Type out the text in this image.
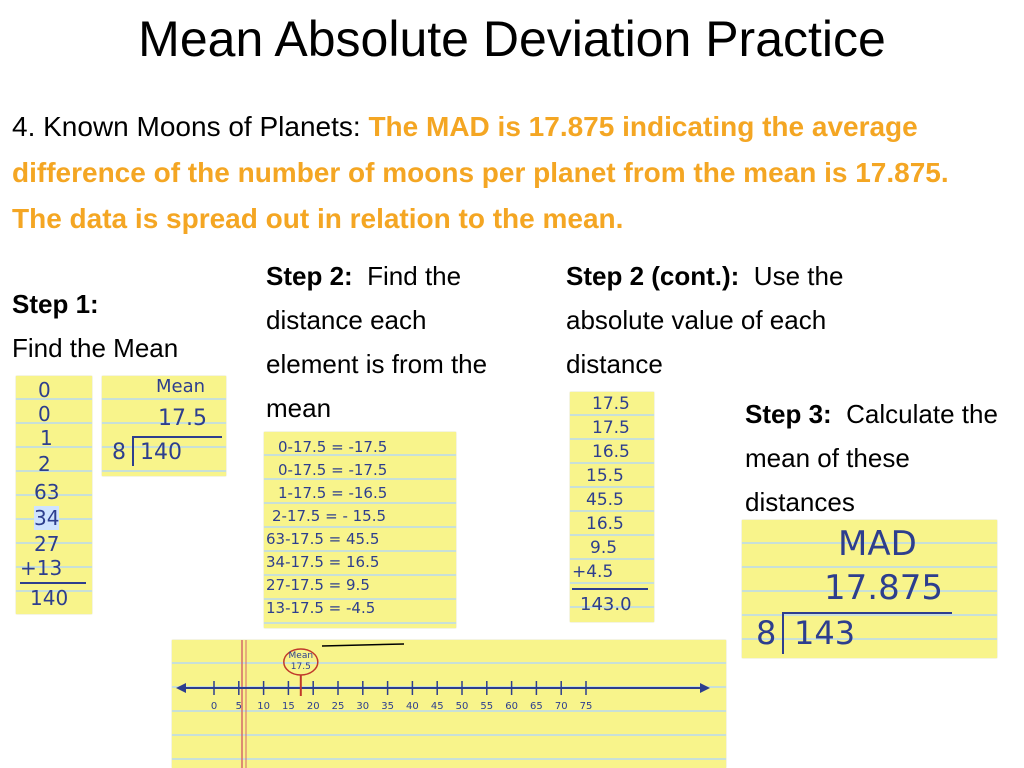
Mean Absolute Deviation Practice
4. Known Moons of Planets: The MAD is 17.875 indicating the average difference of the number of moons per planet from the mean is 17.875. The data is spread out in relation to the mean.
Step 1:
Find the Mean
0
0
1
2
63
34
27
+13
140
Mean
17.5
8 140
Step 2: Find the distance each element is from the mean
0-17.5 = -17.5
0-17.5 = -17.5
1-17.5 = -16.5
2-17.5 = - 15.5
63-17.5 = 45.5
34-17.5 = 16.5
27-17.5 = 9.5
13-17.5 = -4.5
Step 2 (cont.): Use the absolute value of each distance
17.5
17.5
16.5
15.5
45.5
16.5
9.5
+4.5
143.0
Step 3: Calculate the mean of these distances
MAD
17.875
8 143
0 5 10 15 20 25 30 35 40 45 50 55 60 65 70 75
Mean
17.5
